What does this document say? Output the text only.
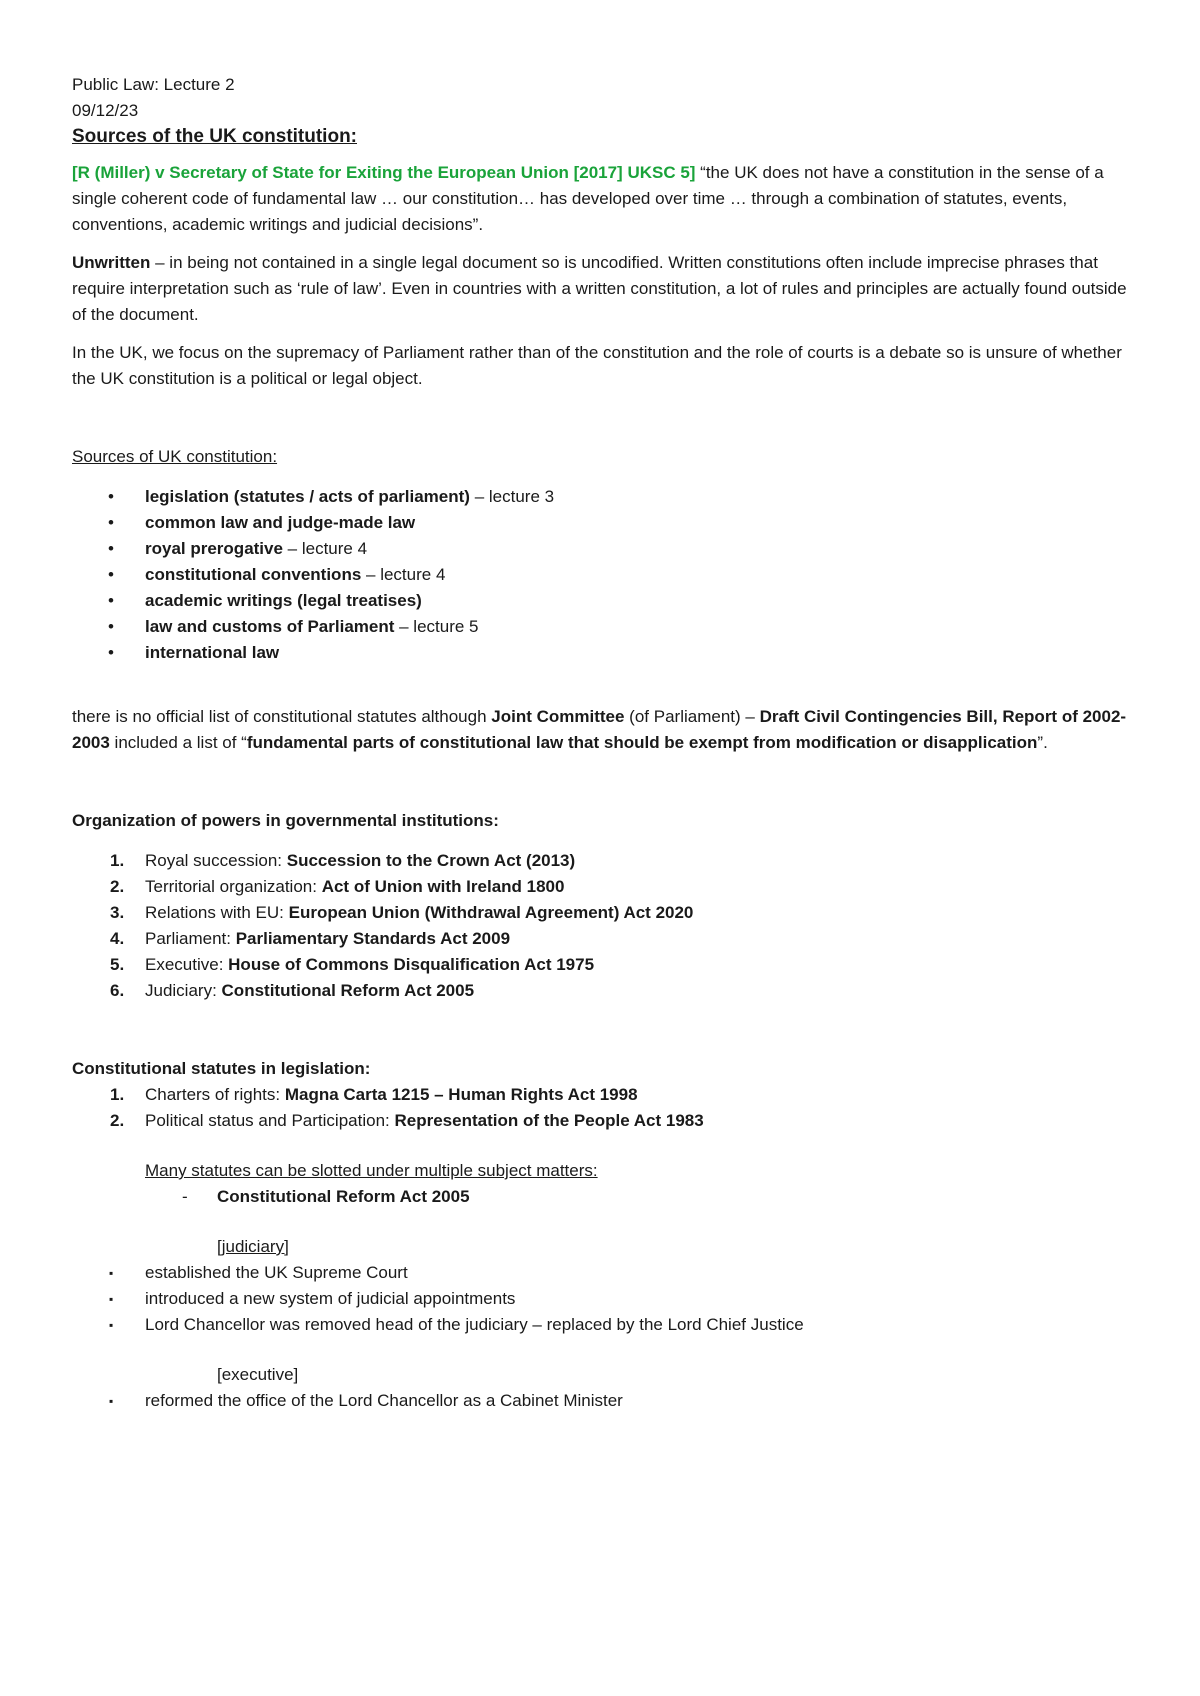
Public Law: Lecture 2

09/12/23

Sources of the UK constitution:

[R (Miller) v Secretary of State for Exiting the European Union [2017] UKSC 5] “the UK does not have a constitution in the sense of a single coherent code of fundamental law … our constitution… has developed over time … through a combination of statutes, events, conventions, academic writings and judicial decisions”.

Unwritten – in being not contained in a single legal document so is uncodified. Written constitutions often include imprecise phrases that require interpretation such as ‘rule of law’. Even in countries with a written constitution, a lot of rules and principles are actually found outside of the document.

In the UK, we focus on the supremacy of Parliament rather than of the constitution and the role of courts is a debate so is unsure of whether the UK constitution is a political or legal object.

Sources of UK constitution:

• legislation (statutes / acts of parliament) – lecture 3
• common law and judge-made law
• royal prerogative – lecture 4
• constitutional conventions – lecture 4
• academic writings (legal treatises)
• law and customs of Parliament – lecture 5
• international law

there is no official list of constitutional statutes although Joint Committee (of Parliament) – Draft Civil Contingencies Bill, Report of 2002-2003 included a list of “fundamental parts of constitutional law that should be exempt from modification or disapplication”.

Organization of powers in governmental institutions:

1. Royal succession: Succession to the Crown Act (2013)
2. Territorial organization: Act of Union with Ireland 1800
3. Relations with EU: European Union (Withdrawal Agreement) Act 2020
4. Parliament: Parliamentary Standards Act 2009
5. Executive: House of Commons Disqualification Act 1975
6. Judiciary: Constitutional Reform Act 2005

Constitutional statutes in legislation:

1. Charters of rights: Magna Carta 1215 – Human Rights Act 1998
2. Political status and Participation: Representation of the People Act 1983

Many statutes can be slotted under multiple subject matters:

- Constitutional Reform Act 2005

[judiciary]

▪ established the UK Supreme Court
▪ introduced a new system of judicial appointments
▪ Lord Chancellor was removed head of the judiciary – replaced by the Lord Chief Justice

[executive]

▪ reformed the office of the Lord Chancellor as a Cabinet Minister
